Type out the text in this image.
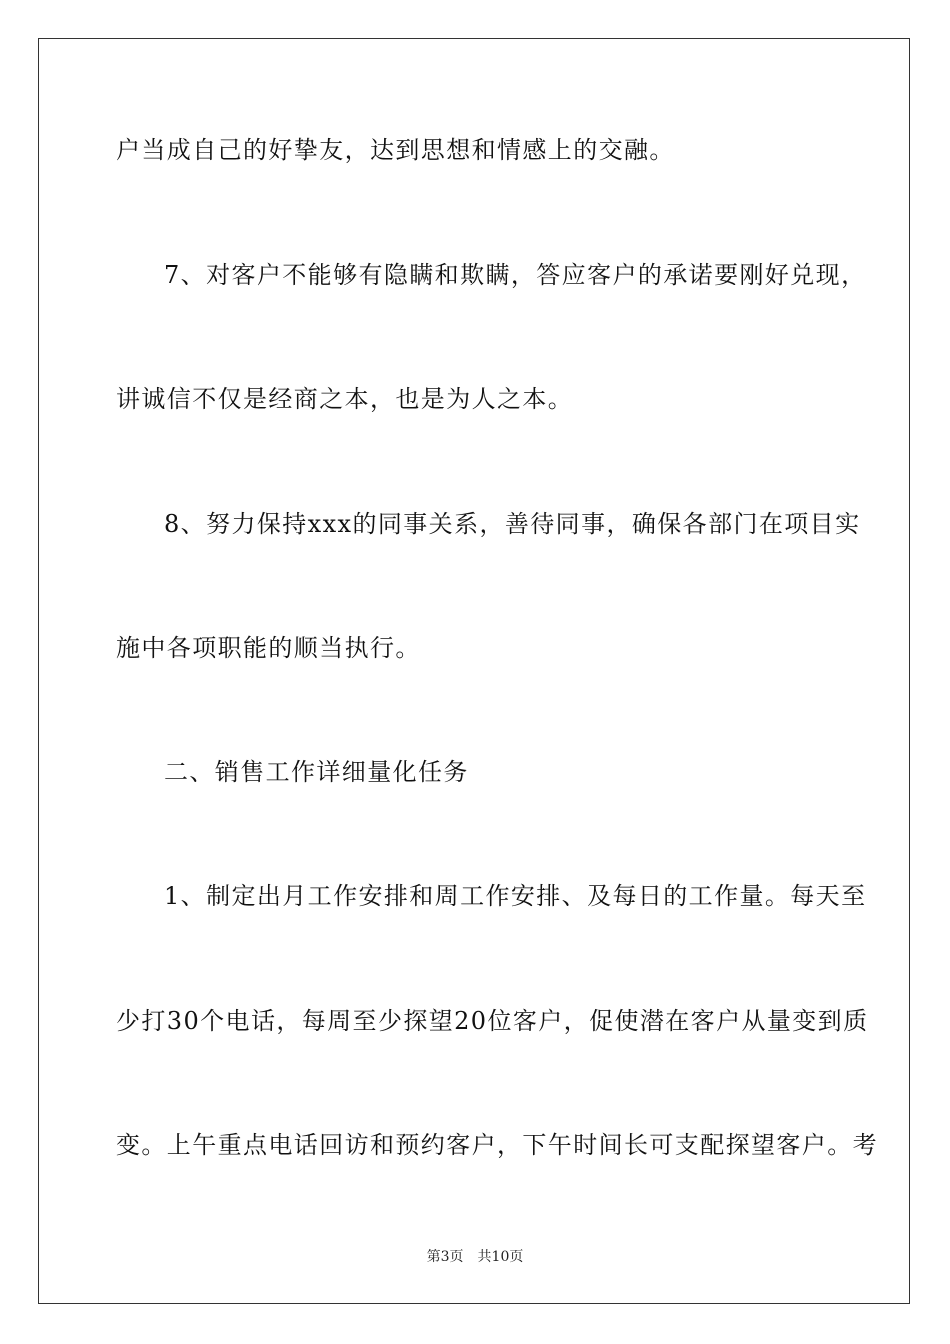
户当成自己的好挚友，达到思想和情感上的交融。
7、对客户不能够有隐瞒和欺瞒，答应客户的承诺要刚好兑现，
讲诚信不仅是经商之本，也是为人之本。
8、努力保持xxx的同事关系，善待同事，确保各部门在项目实
施中各项职能的顺当执行。
二、销售工作详细量化任务
1、制定出月工作安排和周工作安排、及每日的工作量。每天至
少打30个电话，每周至少探望20位客户，促使潜在客户从量变到质
变。上午重点电话回访和预约客户，下午时间长可支配探望客户。考
第3页 共10页
